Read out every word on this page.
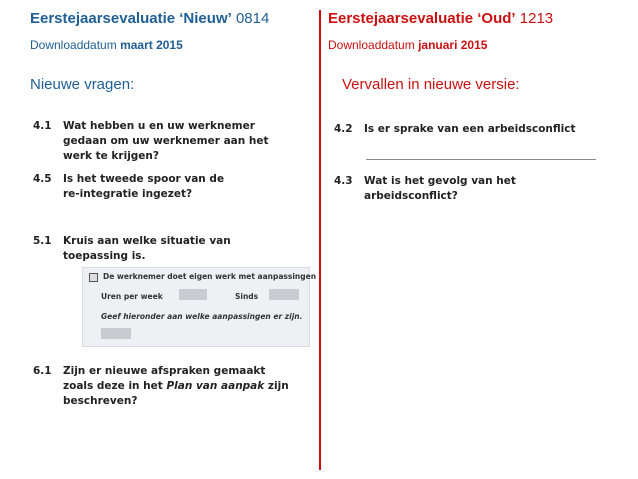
Eerstejaarsevaluatie ‘Nieuw’ 0814
Downloaddatum maart 2015
Nieuwe vragen:
Eerstejaarsevaluatie ‘Oud’ 1213
Downloaddatum januari 2015
Vervallen in nieuwe versie:
4.1 Wat hebben u en uw werknemer
gedaan om uw werknemer aan het
werk te krijgen?
4.5 Is het tweede spoor van de
re-integratie ingezet?
5.1 Kruis aan welke situatie van
toepassing is.
De werknemer doet eigen werk met aanpassingen
Uren per week	Sinds
Geef hieronder aan welke aanpassingen er zijn.
6.1 Zijn er nieuwe afspraken gemaakt
zoals deze in het Plan van aanpak zijn
beschreven?
4.2 Is er sprake van een arbeidsconflict
4.3 Wat is het gevolg van het
arbeidsconflict?
